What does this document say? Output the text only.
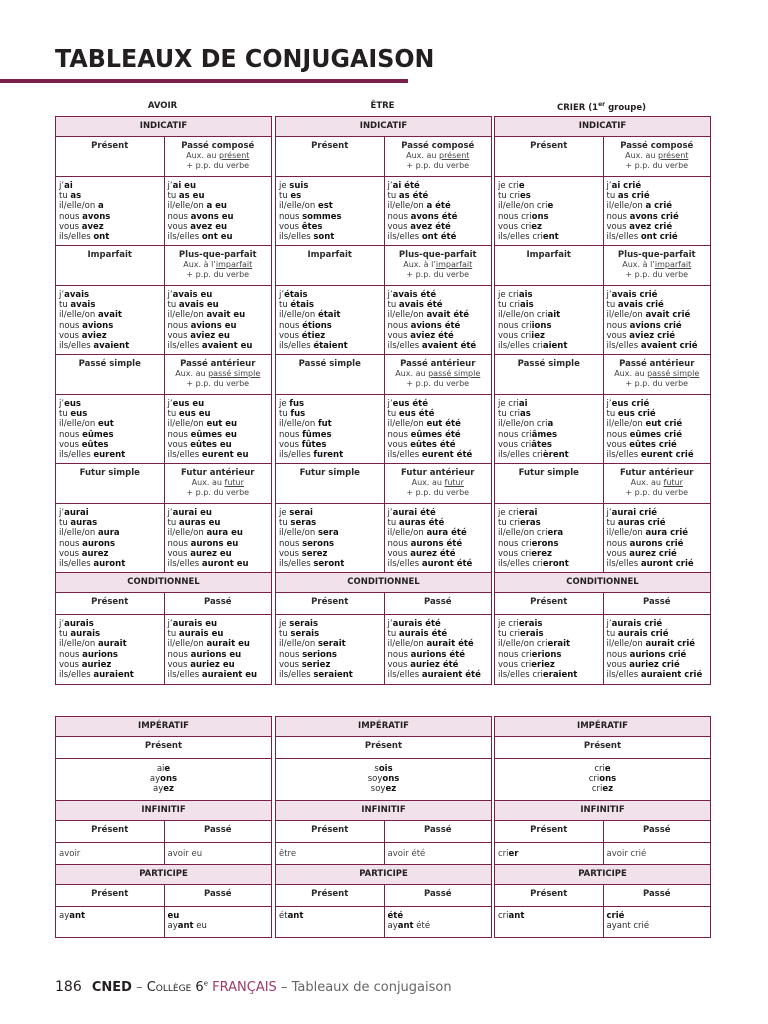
TABLEAUX DE CONJUGAISON
AVOIR
INDICATIF
Présent	Passé composé
Aux. au présent
+ p.p. du verbe
j’ai
tu as
il/elle/on a
nous avons
vous avez
ils/elles ont
j’ai eu
tu as eu
il/elle/on a eu
nous avons eu
vous avez eu
ils/elles ont eu
Imparfait	Plus-que-parfait
Aux. à l’imparfait
+ p.p. du verbe
j’avais
tu avais
il/elle/on avait
nous avions
vous aviez
ils/elles avaient
j’avais eu
tu avais eu
il/elle/on avait eu
nous avions eu
vous aviez eu
ils/elles avaient eu
Passé simple	Passé antérieur
Aux. au passé simple
+ p.p. du verbe
j’eus
tu eus
il/elle/on eut
nous eûmes
vous eûtes
ils/elles eurent
j’eus eu
tu eus eu
il/elle/on eut eu
nous eûmes eu
vous eûtes eu
ils/elles eurent eu
Futur simple	Futur antérieur
Aux. au futur
+ p.p. du verbe
j’aurai
tu auras
il/elle/on aura
nous aurons
vous aurez
ils/elles auront
j’aurai eu
tu auras eu
il/elle/on aura eu
nous aurons eu
vous aurez eu
ils/elles auront eu
CONDITIONNEL
Présent	Passé
j’aurais
tu aurais
il/elle/on aurait
nous aurions
vous auriez
ils/elles auraient
j’aurais eu
tu aurais eu
il/elle/on aurait eu
nous aurions eu
vous auriez eu
ils/elles auraient eu
IMPÉRATIF
Présent
aie
ayons
ayez
INFINITIF
Présent	Passé
avoir	avoir eu
PARTICIPE
Présent	Passé
ayant	eu
ayant eu
ÊTRE
INDICATIF
Présent	Passé composé
Aux. au présent
+ p.p. du verbe
je suis
tu es
il/elle/on est
nous sommes
vous êtes
ils/elles sont
j’ai été
tu as été
il/elle/on a été
nous avons été
vous avez été
ils/elles ont été
Imparfait	Plus-que-parfait
Aux. à l’imparfait
+ p.p. du verbe
j’étais
tu étais
il/elle/on était
nous étions
vous étiez
ils/elles étaient
j’avais été
tu avais été
il/elle/on avait été
nous avions été
vous aviez été
ils/elles avaient été
Passé simple	Passé antérieur
Aux. au passé simple
+ p.p. du verbe
je fus
tu fus
il/elle/on fut
nous fûmes
vous fûtes
ils/elles furent
j’eus été
tu eus été
il/elle/on eut été
nous eûmes été
vous eûtes été
ils/elles eurent été
Futur simple	Futur antérieur
Aux. au futur
+ p.p. du verbe
je serai
tu seras
il/elle/on sera
nous serons
vous serez
ils/elles seront
j’aurai été
tu auras été
il/elle/on aura été
nous aurons été
vous aurez été
ils/elles auront été
CONDITIONNEL
Présent	Passé
je serais
tu serais
il/elle/on serait
nous serions
vous seriez
ils/elles seraient
j’aurais été
tu aurais été
il/elle/on aurait été
nous aurions été
vous auriez été
ils/elles auraient été
IMPÉRATIF
Présent
sois
soyons
soyez
INFINITIF
Présent	Passé
être	avoir été
PARTICIPE
Présent	Passé
étant	été
ayant été
CRIER (1er groupe)
INDICATIF
Présent	Passé composé
Aux. au présent
+ p.p. du verbe
je crie
tu cries
il/elle/on crie
nous crions
vous criez
ils/elles crient
j’ai crié
tu as crié
il/elle/on a crié
nous avons crié
vous avez crié
ils/elles ont crié
Imparfait	Plus-que-parfait
Aux. à l’imparfait
+ p.p. du verbe
je criais
tu criais
il/elle/on criait
nous criions
vous criiez
ils/elles criaient
j’avais crié
tu avais crié
il/elle/on avait crié
nous avions crié
vous aviez crié
ils/elles avaient crié
Passé simple	Passé antérieur
Aux. au passé simple
+ p.p. du verbe
je criai
tu crias
il/elle/on cria
nous criâmes
vous criâtes
ils/elles crièrent
j’eus crié
tu eus crié
il/elle/on eut crié
nous eûmes crié
vous eûtes crié
ils/elles eurent crié
Futur simple	Futur antérieur
Aux. au futur
+ p.p. du verbe
je crierai
tu crieras
il/elle/on criera
nous crierons
vous crierez
ils/elles crieront
j’aurai crié
tu auras crié
il/elle/on aura crié
nous aurons crié
vous aurez crié
ils/elles auront crié
CONDITIONNEL
Présent	Passé
je crierais
tu crierais
il/elle/on crierait
nous crierions
vous crieriez
ils/elles crieraient
j’aurais crié
tu aurais crié
il/elle/on aurait crié
nous aurions crié
vous auriez crié
ils/elles auraient crié
IMPÉRATIF
Présent
crie
crions
criez
INFINITIF
Présent	Passé
crier	avoir crié
PARTICIPE
Présent	Passé
criant	crié
ayant crié
186 CNED – Collège 6e FRANÇAIS – Tableaux de conjugaison
